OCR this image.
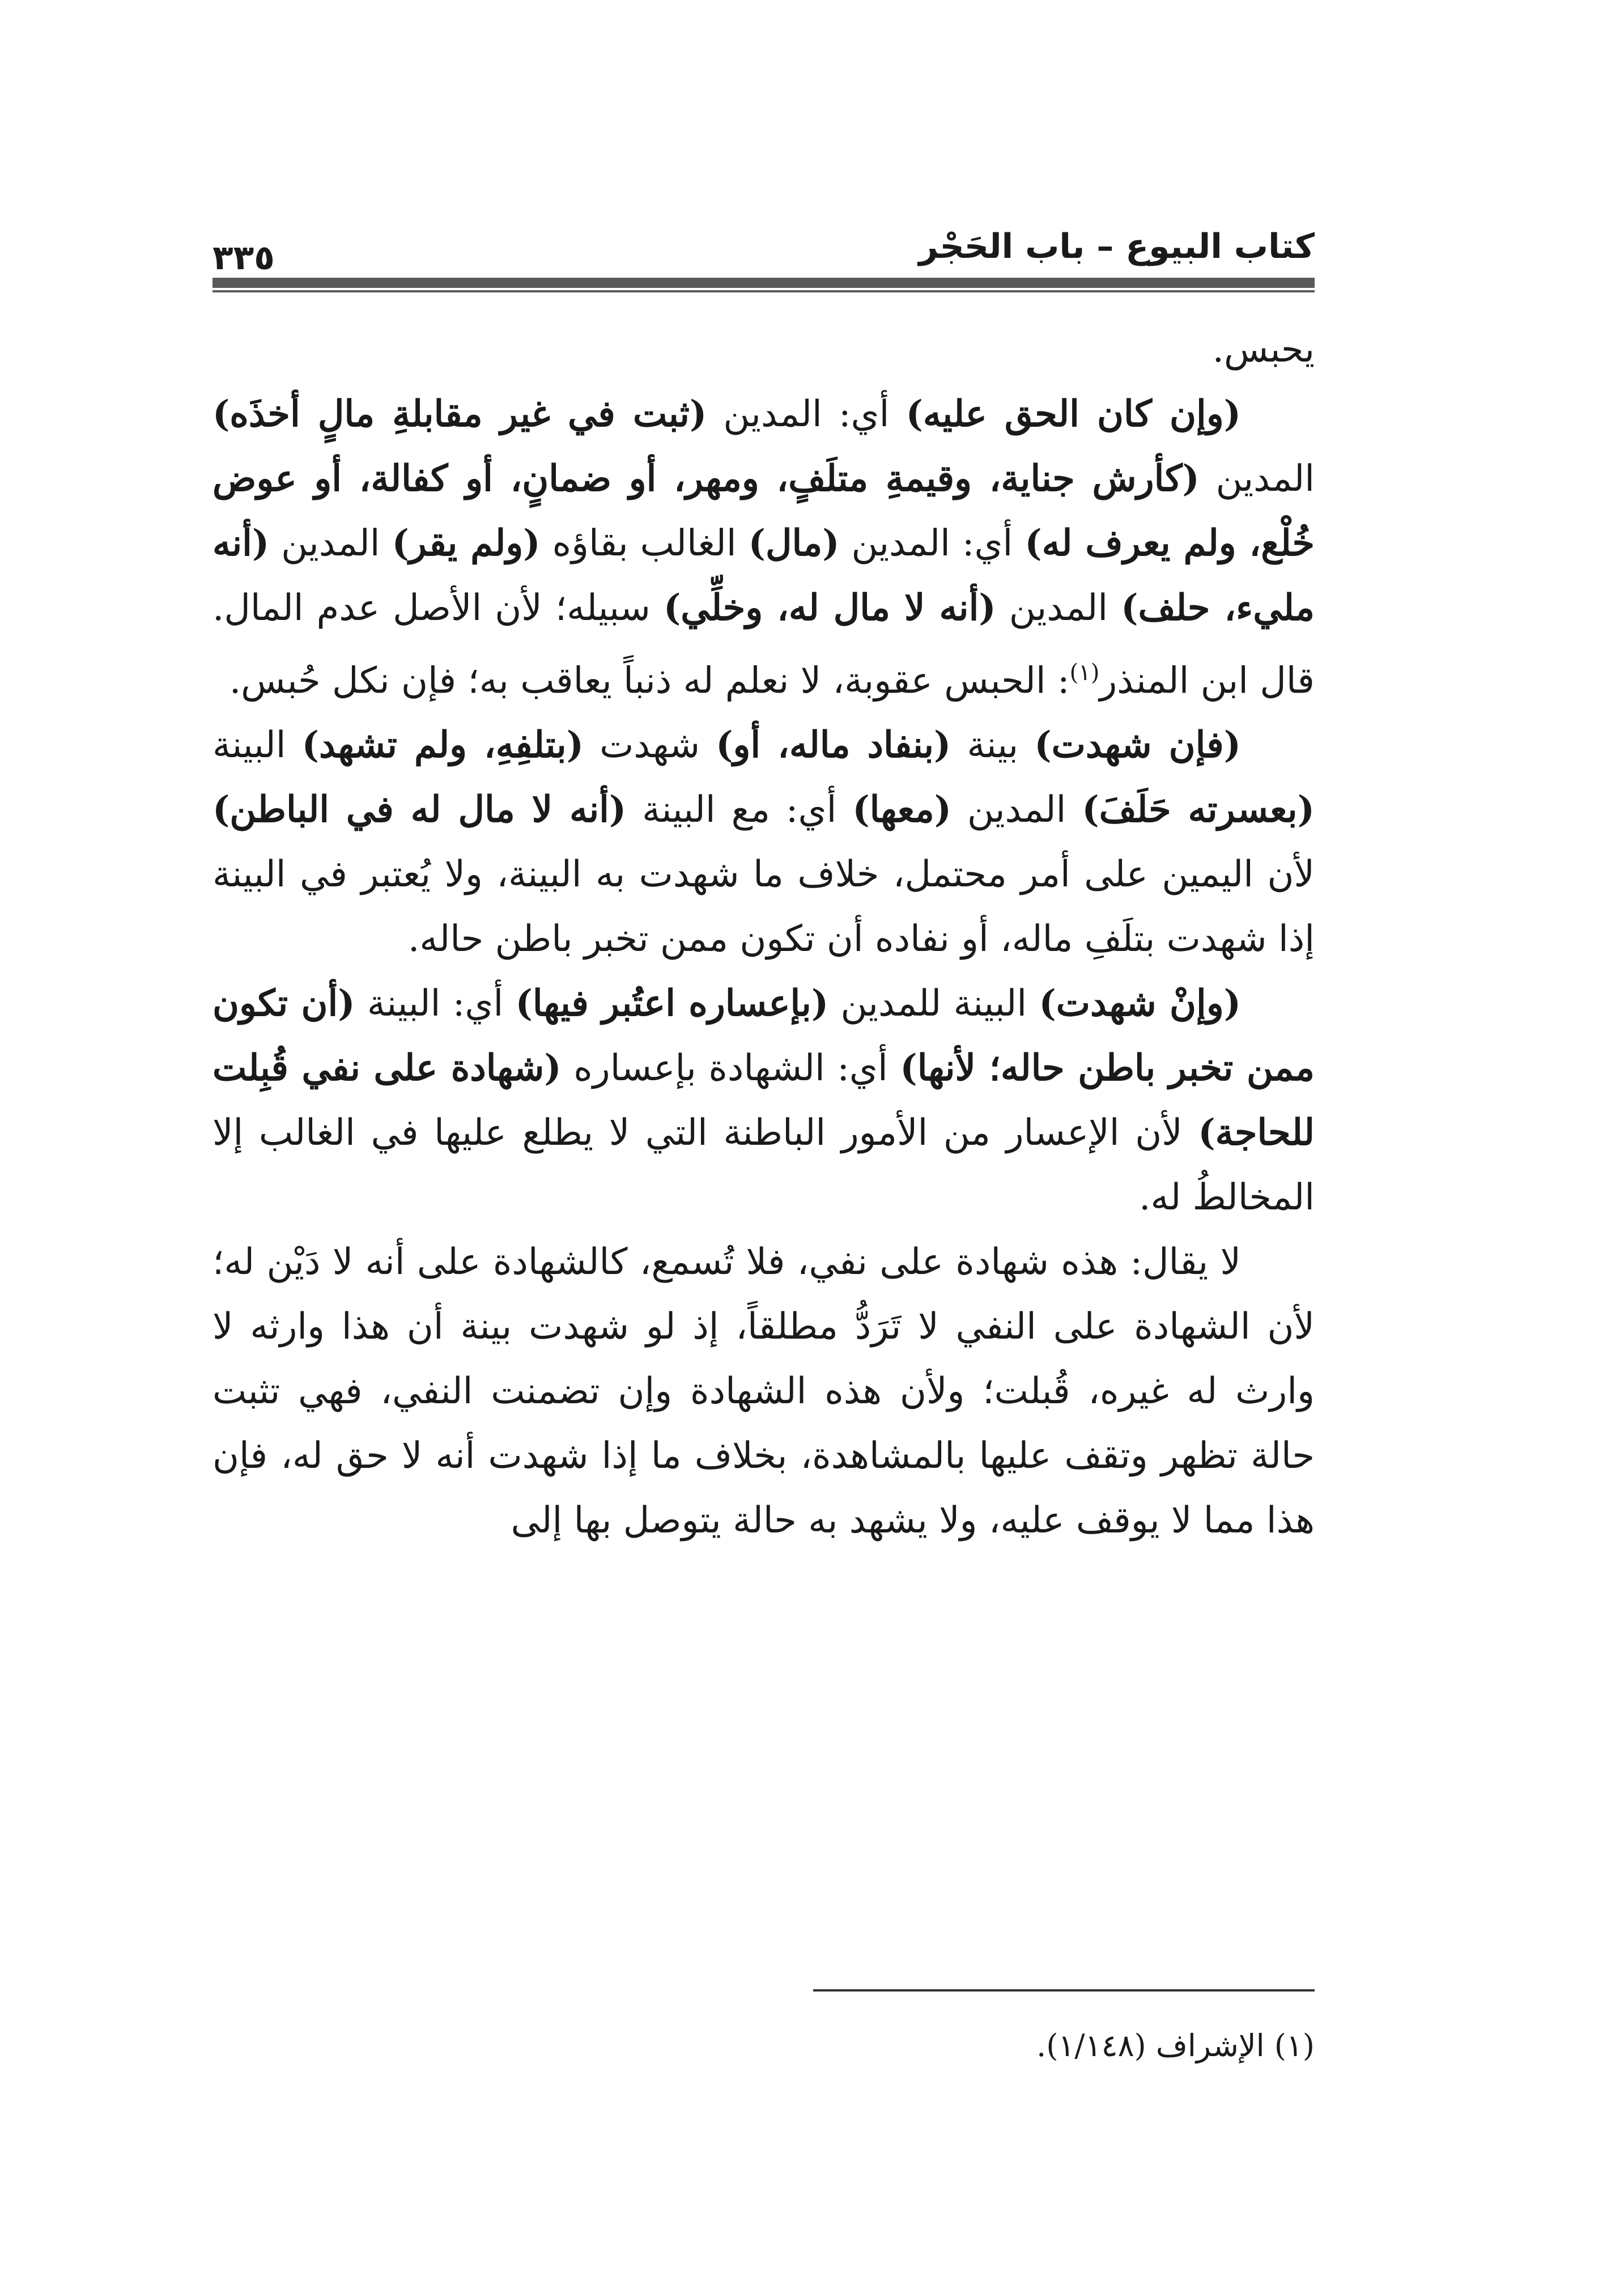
كتاب البيوع – باب الحَجْر
٣٣٥

يحبس.

(وإن كان الحق عليه) أي: المدين (ثبت في غير مقابلةِ مالٍ أخذَه) المدين (كأرش جناية، وقيمةِ متلَفٍ، ومهر، أو ضمانٍ، أو كفالة، أو عوض خُلْع، ولم يعرف له) أي: المدين (مال) الغالب بقاؤه (ولم يقر) المدين (أنه مليء، حلف) المدين (أنه لا مال له، وخلِّي) سبيله؛ لأن الأصل عدم المال. قال ابن المنذر$^{(١)}$: الحبس عقوبة، لا نعلم له ذنباً يعاقب به؛ فإن نكل حُبس.

(فإن شهدت) بينة (بنفاد ماله، أو) شهدت (بتلفِهِ، ولم تشهد) البينة (بعسرته حَلَفَ) المدين (معها) أي: مع البينة (أنه لا مال له في الباطن) لأن اليمين على أمر محتمل، خلاف ما شهدت به البينة، ولا يُعتبر في البينة إذا شهدت بتلَفِ ماله، أو نفاده أن تكون ممن تخبر باطن حاله.

(وإنْ شهدت) البينة للمدين (بإعساره اعتُبر فيها) أي: البينة (أن تكون ممن تخبر باطن حاله؛ لأنها) أي: الشهادة بإعساره (شهادة على نفي قُبِلت للحاجة) لأن الإعسار من الأمور الباطنة التي لا يطلع عليها في الغالب إلا المخالطُ له.

لا يقال: هذه شهادة على نفي، فلا تُسمع، كالشهادة على أنه لا دَيْن له؛ لأن الشهادة على النفي لا تَرَدُّ مطلقاً، إذ لو شهدت بينة أن هذا وارثه لا وارث له غيره، قُبلت؛ ولأن هذه الشهادة وإن تضمنت النفي، فهي تثبت حالة تظهر وتقف عليها بالمشاهدة، بخلاف ما إذا شهدت أنه لا حق له، فإن هذا مما لا يوقف عليه، ولا يشهد به حالة يتوصل بها إلى

(١) الإشراف (١/١٤٨).
